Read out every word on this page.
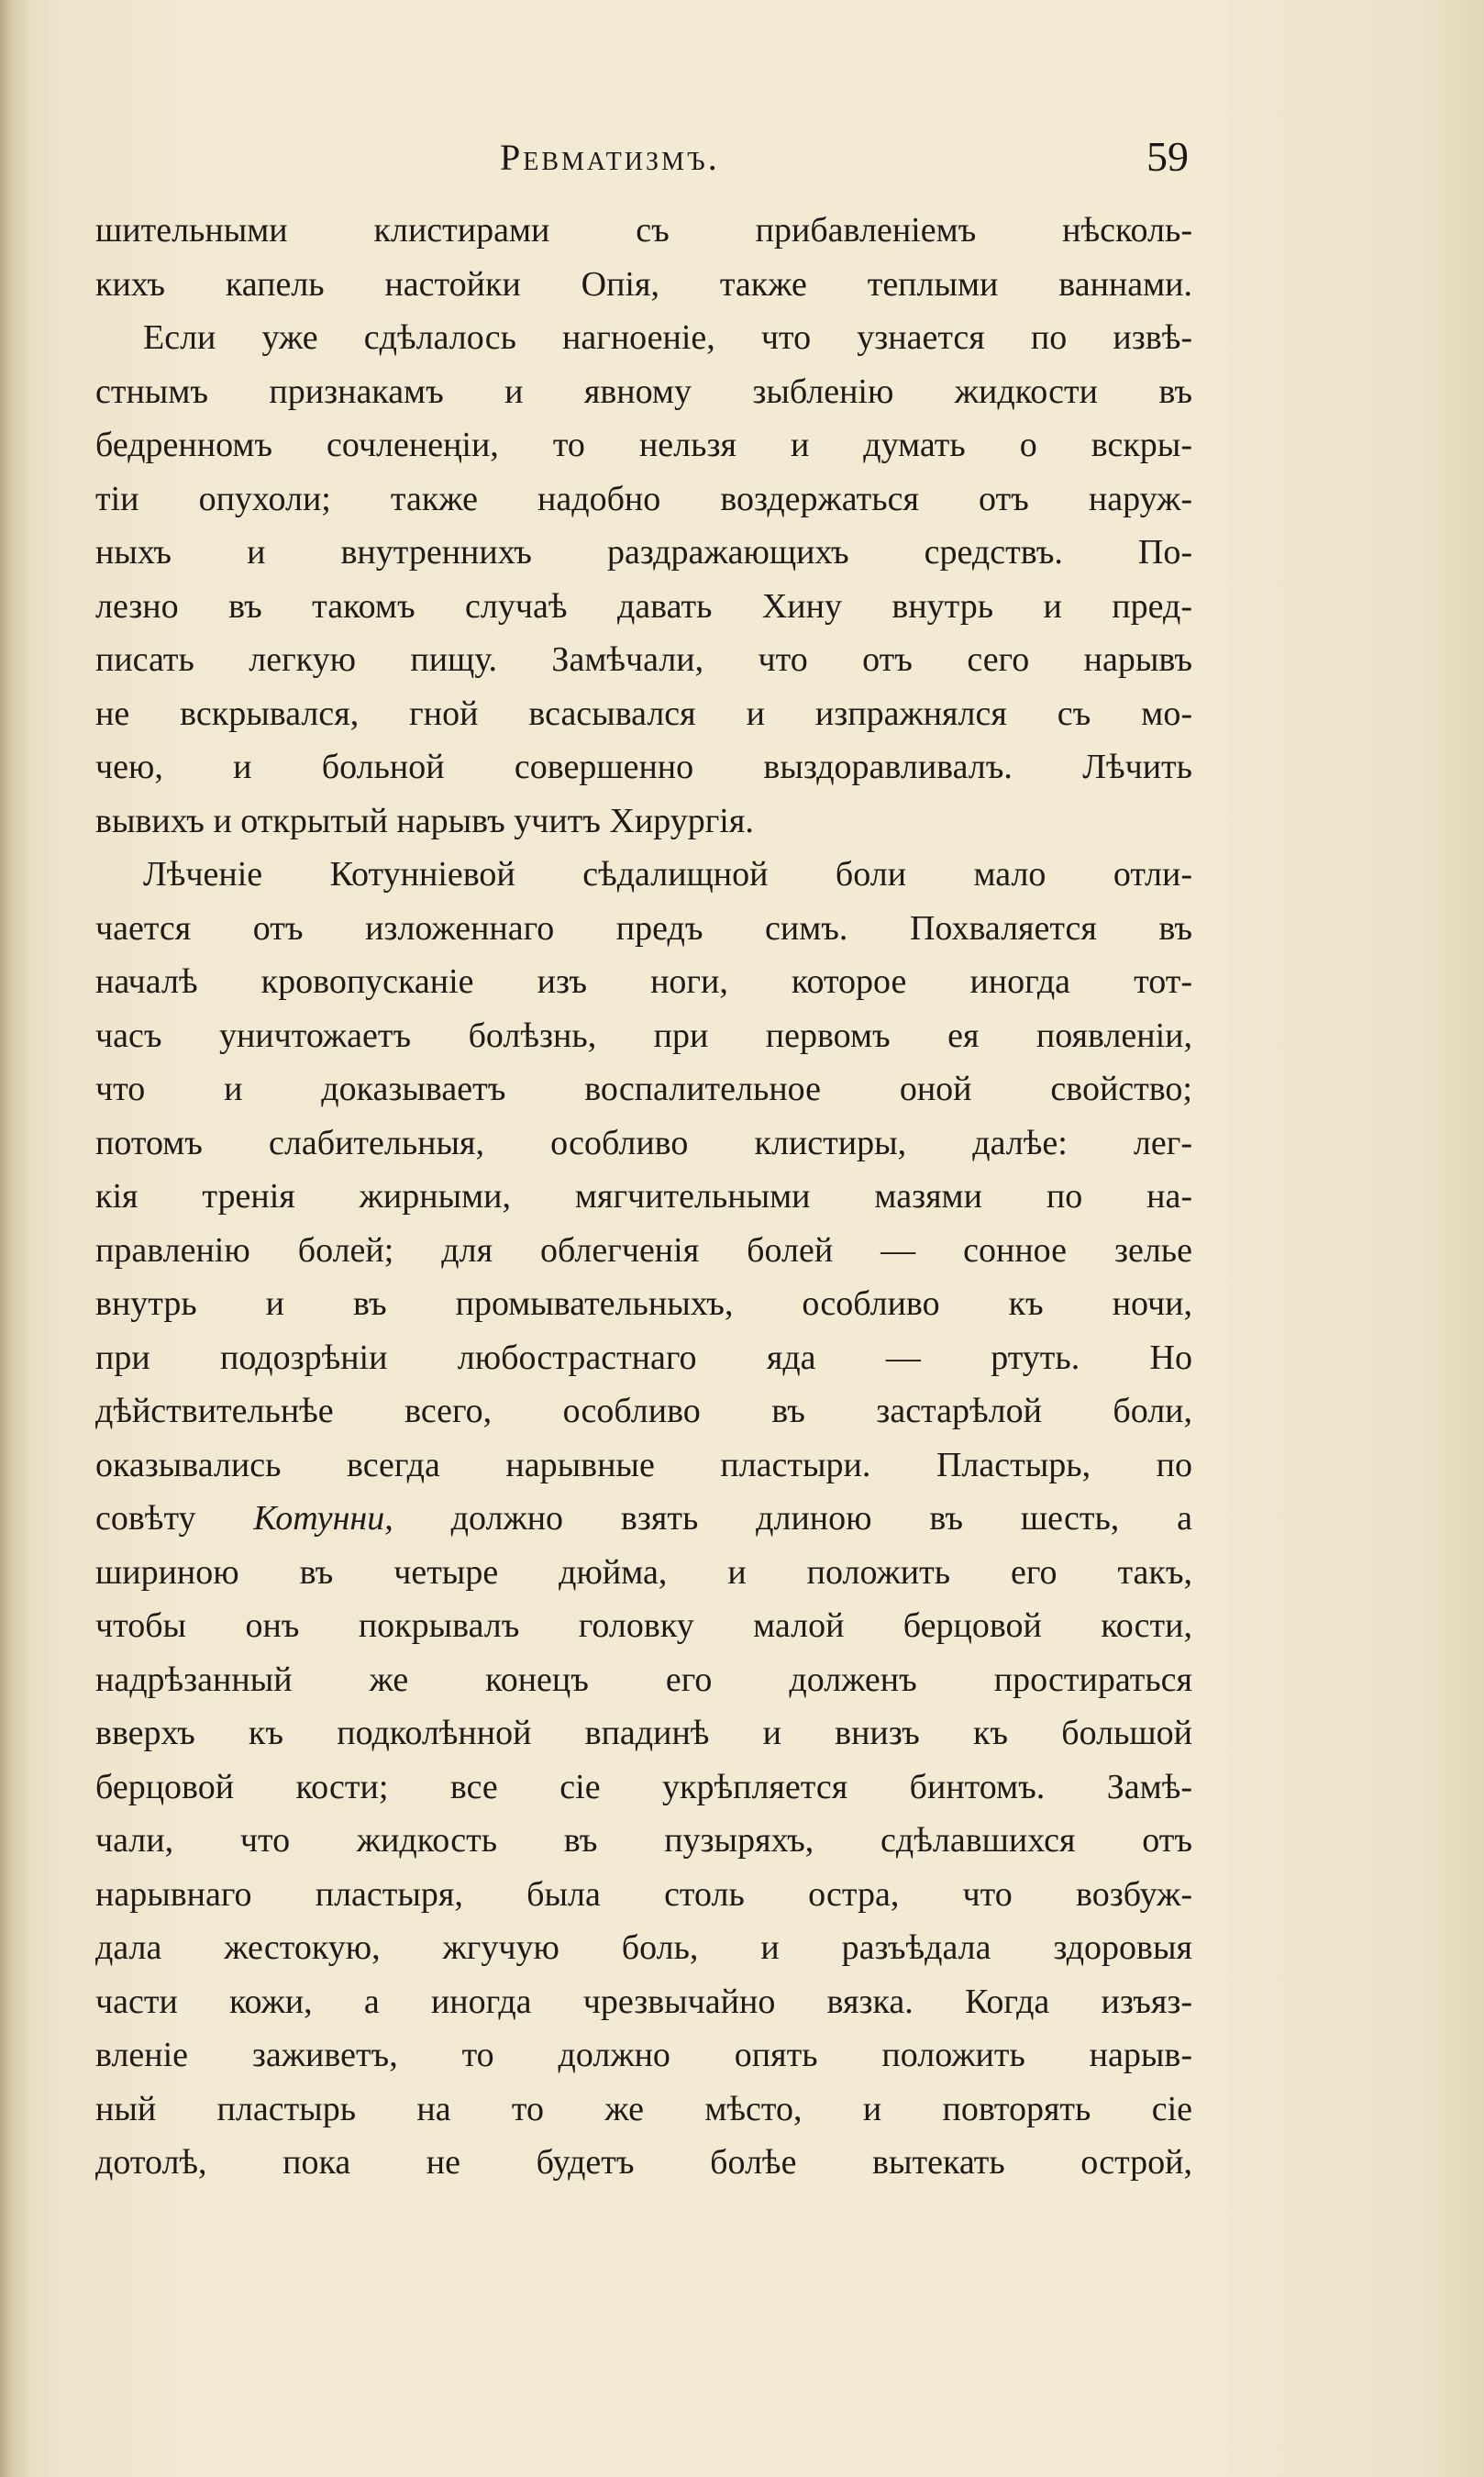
Ревматизмъ.	59
шительными клистирами съ прибавленіемъ нѣсколь-
кихъ капель настойки Опія, также теплыми ваннами.
Если уже сдѣлалось нагноеніе, что узнается по извѣ-
стнымъ признакамъ и явному зыбленію жидкости въ
бедренномъ сочленеңіи, то нельзя и думать о вскры-
тіи опухоли; также надобно воздержаться отъ наруж-
ныхъ и внутреннихъ раздражающихъ средствъ. По-
лезно въ такомъ случаѣ давать Хину внутрь и пред-
писать легкую пищу. Замѣчали, что отъ сего нарывъ
не вскрывался, гной всасывался и изпражнялся съ мо-
чею, и больной совершенно выздоравливалъ. Лѣчить
вывихъ и открытый нарывъ учитъ Хирургія.
Лѣченіе Котунніевой сѣдалищной боли мало отли-
чается отъ изложеннаго предъ симъ. Похваляется въ
началѣ кровопусканіе изъ ноги, которое иногда тот-
часъ уничтожаетъ болѣзнь, при первомъ ея появленіи,
что и доказываетъ воспалительное оной свойство;
потомъ слабительныя, особливо клистиры, далѣе: лег-
кія тренія жирными, мягчительными мазями по на-
правленію болей; для облегченія болей — сонное зелье
внутрь и въ промывательныхъ, особливо къ ночи,
при подозрѣніи любострастнаго яда — ртуть. Но
дѣйствительнѣе всего, особливо въ застарѣлой боли,
оказывались всегда нарывные пластыри. Пластырь, по
совѣту Котунни, должно взять длиною въ шесть, а
шириною въ четыре дюйма, и положить его такъ,
чтобы онъ покрывалъ головку малой берцовой кости,
надрѣзанный же конецъ его долженъ простираться
вверхъ къ подколѣнной впадинѣ и внизъ къ большой
берцовой кости; все сіе укрѣпляется бинтомъ. Замѣ-
чали, что жидкость въ пузыряхъ, сдѣлавшихся отъ
нарывнаго пластыря, была столь остра, что возбуж-
дала жестокую, жгучую боль, и разъѣдала здоровыя
части кожи, а иногда чрезвычайно вязка. Когда изъяз-
вленіе заживетъ, то должно опять положить нарыв-
ный пластырь на то же мѣсто, и повторять сіе
дотолѣ, пока не будетъ болѣе вытекать острой,
